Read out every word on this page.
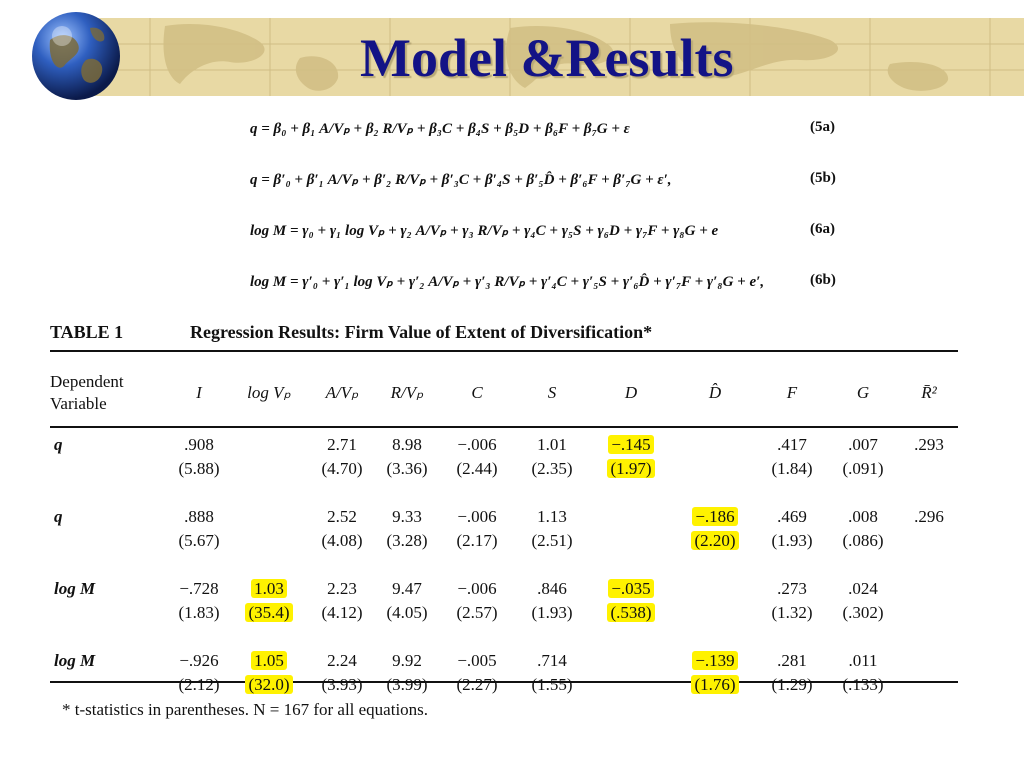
Model &Results
q = β₀ + β₁ A/Vₚ + β₂ R/Vₚ + β₃C + β₄S + β₅D + β₆F + β₇G + ε	(5a)
q = β′₀ + β′₁ A/Vₚ + β′₂ R/Vₚ + β′₃C + β′₄S + β′₅D̂ + β′₆F + β′₇G + ε′,	(5b)
log M = γ₀ + γ₁ log Vₚ + γ₂ A/Vₚ + γ₃ R/Vₚ + γ₄C + γ₅S + γ₆D + γ₇F + γ₈G + e	(6a)
log M = γ′₀ + γ′₁ log Vₚ + γ′₂ A/Vₚ + γ′₃ R/Vₚ + γ′₄C + γ′₅S + γ′₆D̂ + γ′₇F + γ′₈G + e′,	(6b)

TABLE 1	Regression Results: Firm Value of Extent of Diversification*

Dependent
Variable	I	log Vₚ	A/Vₚ	R/Vₚ	C	S	D	D̂	F	G	R̄²
q	.908		2.71	8.98	−.006	1.01	−.145		.417	.007	.293
	(5.88)		(4.70)	(3.36)	(2.44)	(2.35)	(1.97)		(1.84)	(.091)	

q	.888		2.52	9.33	−.006	1.13		−.186	.469	.008	.296
	(5.67)		(4.08)	(3.28)	(2.17)	(2.51)		(2.20)	(1.93)	(.086)	

log M	−.728	1.03	2.23	9.47	−.006	.846	−.035		.273	.024	
	(1.83)	(35.4)	(4.12)	(4.05)	(2.57)	(1.93)	(.538)		(1.32)	(.302)	

log M	−.926	1.05	2.24	9.92	−.005	.714		−.139	.281	.011	
	(2.12)	(32.0)	(3.93)	(3.99)	(2.27)	(1.55)		(1.76)	(1.29)	(.133)	

* t-statistics in parentheses. N = 167 for all equations.
